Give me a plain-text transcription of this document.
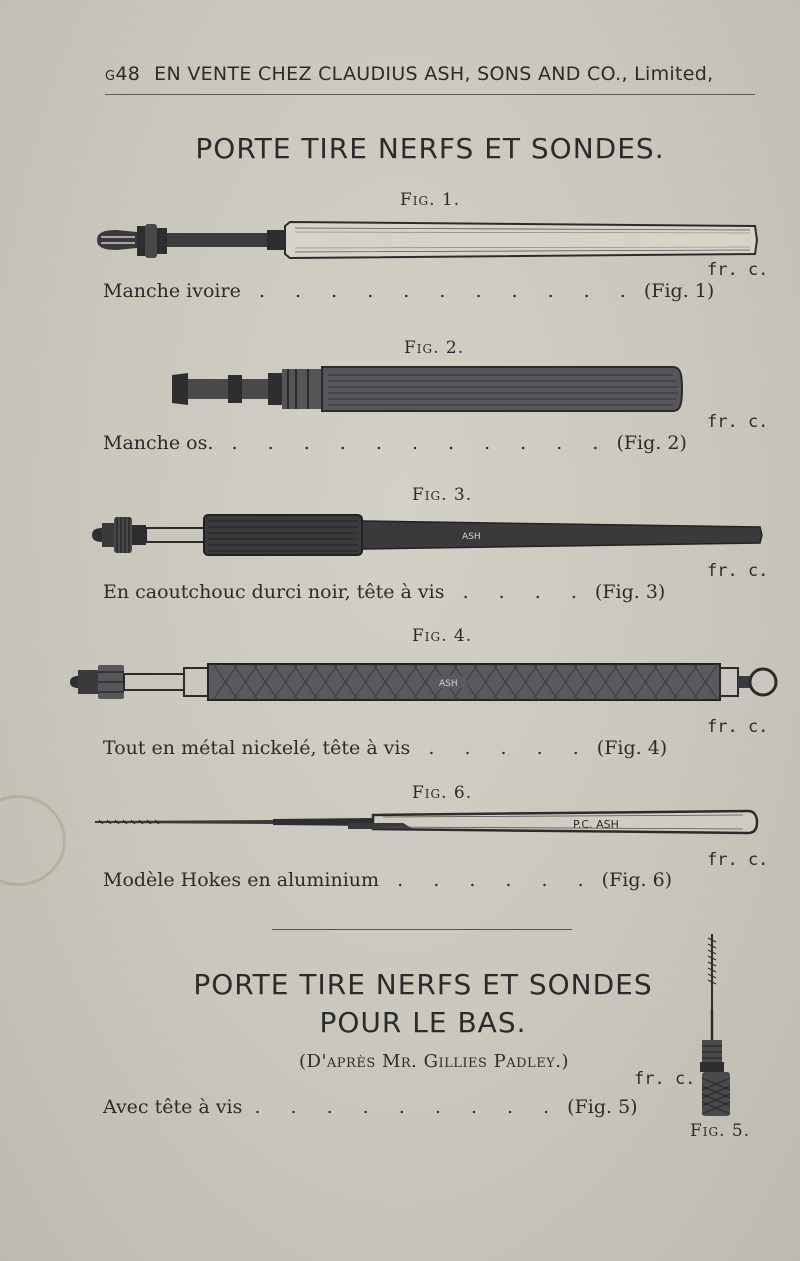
G48 EN VENTE CHEZ CLAUDIUS ASH, SONS AND CO., Limited,
PORTE TIRE NERFS ET SONDES.
Fig. 1.
fr. c.
Manche ivoire . . . . . . . . . . . (Fig. 1)
Fig. 2.
fr. c.
Manche os. . . . . . . . . . . . (Fig. 2)
Fig. 3.
ASH
fr. c.
En caoutchouc durci noir, tête à vis . . . . (Fig. 3)
Fig. 4.
ASH
fr. c.
Tout en métal nickelé, tête à vis . . . . . (Fig. 4)
Fig. 6.
P.C. ASH
fr. c.
Modèle Hokes en aluminium . . . . . . (Fig. 6)
PORTE TIRE NERFS ET SONDES
POUR LE BAS.
(D'après Mr. Gillies Padley.)
fr. c.
Avec tête à vis . . . . . . . . . (Fig. 5)
Fig. 5.
